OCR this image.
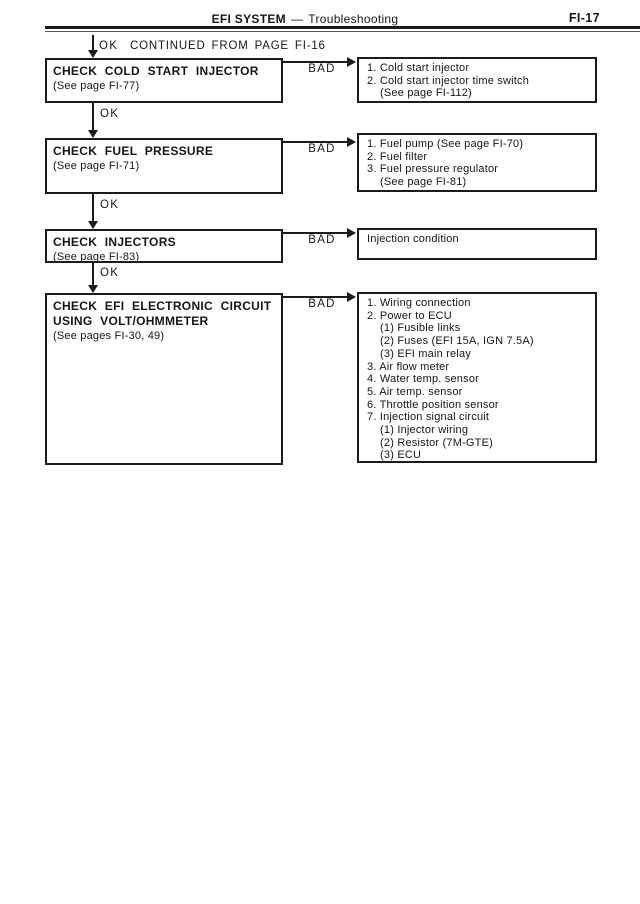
EFI SYSTEM — Troubleshooting	FI-17
OK CONTINUED FROM PAGE FI-16
CHECK COLD START INJECTOR
(See page FI-77)
BAD	1. Cold start injector
2. Cold start injector time switch
(See page FI-112)
OK
CHECK FUEL PRESSURE
(See page FI-71)
BAD	1. Fuel pump (See page FI-70)
2. Fuel filter
3. Fuel pressure regulator
(See page FI-81)
OK
CHECK INJECTORS
(See page FI-83)
BAD	Injection condition
OK
CHECK EFI ELECTRONIC CIRCUIT USING VOLT/OHMMETER
(See pages FI-30, 49)
BAD	1. Wiring connection
2. Power to ECU
(1) Fusible links
(2) Fuses (EFI 15A, IGN 7.5A)
(3) EFI main relay
3. Air flow meter
4. Water temp. sensor
5. Air temp. sensor
6. Throttle position sensor
7. Injection signal circuit
(1) Injector wiring
(2) Resistor (7M-GTE)
(3) ECU
